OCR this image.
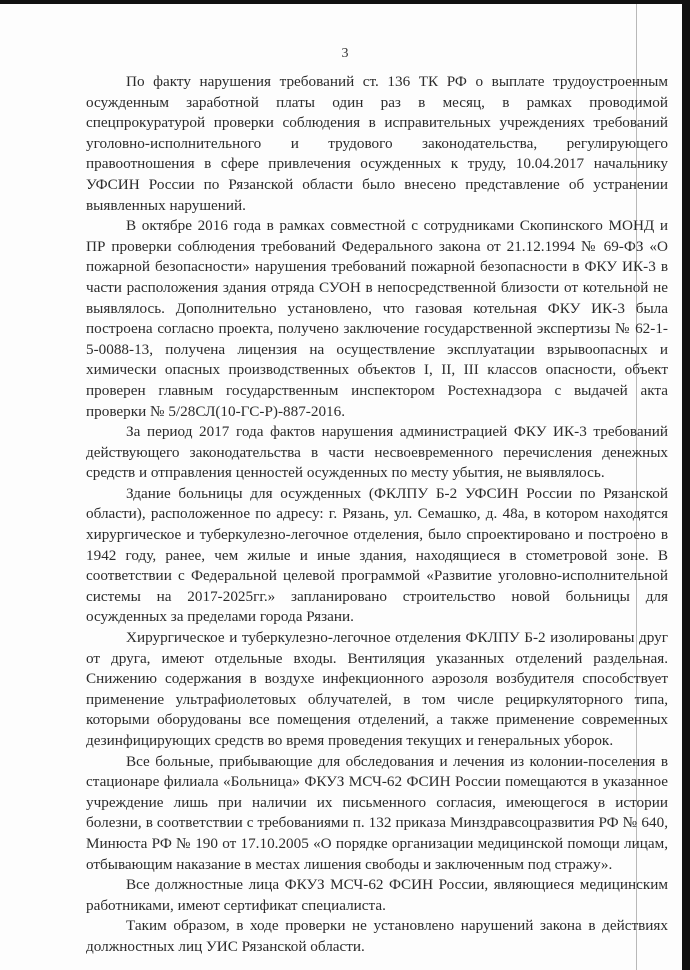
3

По факту нарушения требований ст. 136 ТК РФ о выплате трудоустроенным осужденным заработной платы один раз в месяц, в рамках проводимой спецпрокуратурой проверки соблюдения в исправительных учреждениях требований уголовно-исполнительного и трудового законодательства, регулирующего правоотношения в сфере привлечения осужденных к труду, 10.04.2017 начальнику УФСИН России по Рязанской области было внесено представление об устранении выявленных нарушений.

В октябре 2016 года в рамках совместной с сотрудниками Скопинского МОНД и ПР проверки соблюдения требований Федерального закона от 21.12.1994 № 69-ФЗ «О пожарной безопасности» нарушения требований пожарной безопасности в ФКУ ИК-3 в части расположения здания отряда СУОН в непосредственной близости от котельной не выявлялось. Дополнительно установлено, что газовая котельная ФКУ ИК-3 была построена согласно проекта, получено заключение государственной экспертизы № 62-1-5-0088-13, получена лицензия на осуществление эксплуатации взрывоопасных и химически опасных производственных объектов I, II, III классов опасности, объект проверен главным государственным инспектором Ростехнадзора с выдачей акта проверки № 5/28СЛ(10-ГС-Р)-887-2016.

За период 2017 года фактов нарушения администрацией ФКУ ИК-3 требований действующего законодательства в части несвоевременного перечисления денежных средств и отправления ценностей осужденных по месту убытия, не выявлялось.

Здание больницы для осужденных (ФКЛПУ Б-2 УФСИН России по Рязанской области), расположенное по адресу: г. Рязань, ул. Семашко, д. 48а, в котором находятся хирургическое и туберкулезно-легочное отделения, было спроектировано и построено в 1942 году, ранее, чем жилые и иные здания, находящиеся в стометровой зоне. В соответствии с Федеральной целевой программой «Развитие уголовно-исполнительной системы на 2017-2025гг.» запланировано строительство новой больницы для осужденных за пределами города Рязани.

Хирургическое и туберкулезно-легочное отделения ФКЛПУ Б-2 изолированы друг от друга, имеют отдельные входы. Вентиляция указанных отделений раздельная. Снижению содержания в воздухе инфекционного аэрозоля возбудителя способствует применение ультрафиолетовых облучателей, в том числе рециркуляторного типа, которыми оборудованы все помещения отделений, а также применение современных дезинфицирующих средств во время проведения текущих и генеральных уборок.

Все больные, прибывающие для обследования и лечения из колонии-поселения в стационаре филиала «Больница» ФКУЗ МСЧ-62 ФСИН России помещаются в указанное учреждение лишь при наличии их письменного согласия, имеющегося в истории болезни, в соответствии с требованиями п. 132 приказа Минздравсоцразвития РФ № 640, Минюста РФ № 190 от 17.10.2005 «О порядке организации медицинской помощи лицам, отбывающим наказание в местах лишения свободы и заключенным под стражу».

Все должностные лица ФКУЗ МСЧ-62 ФСИН России, являющиеся медицинским работниками, имеют сертификат специалиста.

Таким образом, в ходе проверки не установлено нарушений закона в действиях должностных лиц УИС Рязанской области.
